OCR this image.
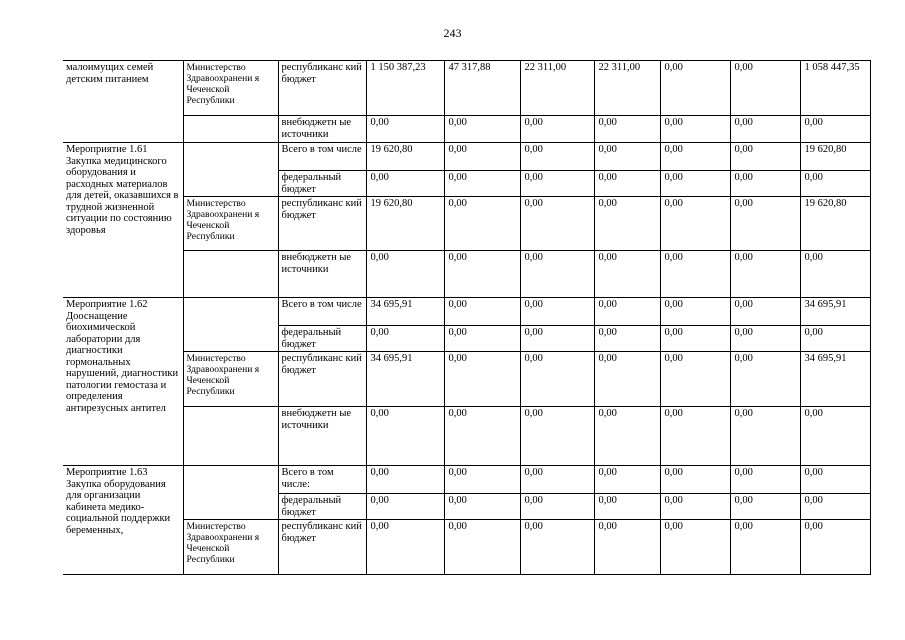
243
малоимущих семей детским питанием	Министерство Здравоохранени я Чеченской Республики	республиканс кий бюджет	1 150 387,23	47 317,88	22 311,00	22 311,00	0,00	0,00	1 058 447,35
		внебюджетн ые источники	0,00	0,00	0,00	0,00	0,00	0,00	0,00
Мероприятие 1.61 Закупка медицинского оборудования и расходных материалов для детей, оказавшихся в трудной жизненной ситуации по состоянию здоровья		Всего в том числе	19 620,80	0,00	0,00	0,00	0,00	0,00	19 620,80
		федеральный бюджет	0,00	0,00	0,00	0,00	0,00	0,00	0,00
	Министерство Здравоохранени я Чеченской Республики	республиканс кий бюджет	19 620,80	0,00	0,00	0,00	0,00	0,00	19 620,80
		внебюджетн ые источники	0,00	0,00	0,00	0,00	0,00	0,00	0,00
Мероприятие 1.62 Дооснащение биохимической лаборатории для диагностики гормональных нарушений, диагностики патологии гемостаза и определения антирезусных антител		Всего в том числе	34 695,91	0,00	0,00	0,00	0,00	0,00	34 695,91
		федеральный бюджет	0,00	0,00	0,00	0,00	0,00	0,00	0,00
	Министерство Здравоохранени я Чеченской Республики	республиканс кий бюджет	34 695,91	0,00	0,00	0,00	0,00	0,00	34 695,91
		внебюджетн ые источники	0,00	0,00	0,00	0,00	0,00	0,00	0,00
Мероприятие 1.63 Закупка оборудования для организации кабинета медико-социальной поддержки беременных,		Всего в том числе:	0,00	0,00	0,00	0,00	0,00	0,00	0,00
		федеральный бюджет	0,00	0,00	0,00	0,00	0,00	0,00	0,00
	Министерство Здравоохранени я Чеченской Республики	республиканс кий бюджет	0,00	0,00	0,00	0,00	0,00	0,00	0,00
